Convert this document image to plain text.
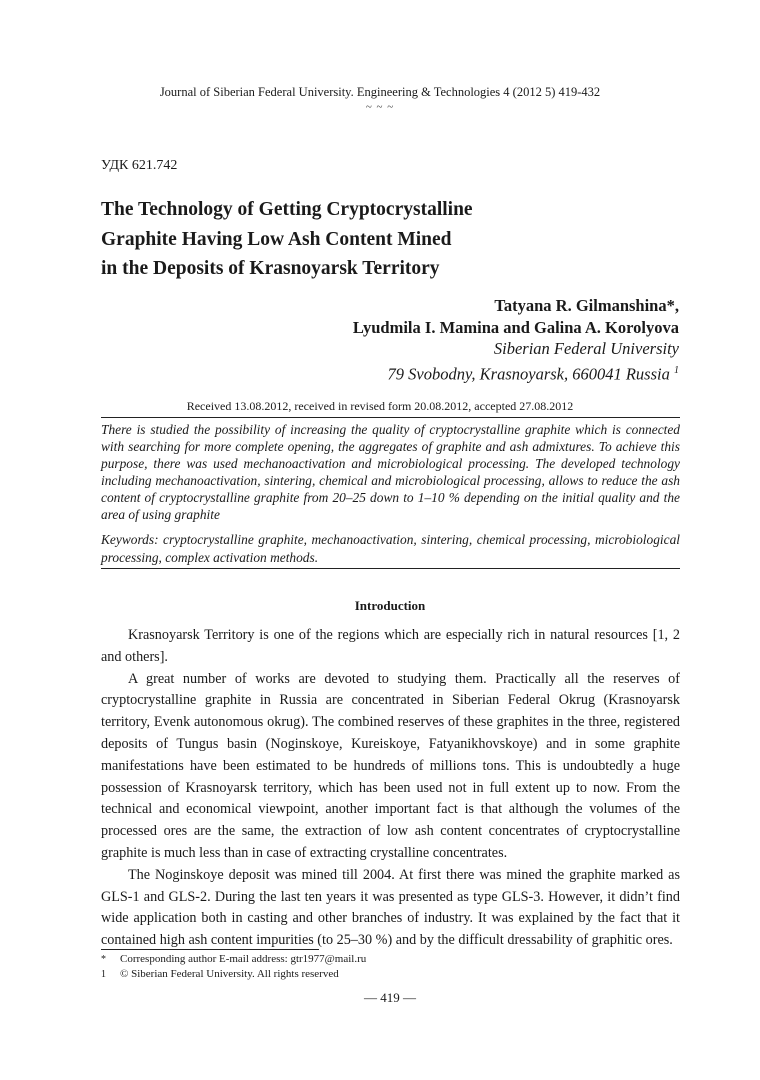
Journal of Siberian Federal University. Engineering & Technologies 4 (2012 5) 419-432
~ ~ ~
УДК 621.742
The Technology of Getting Cryptocrystalline
Graphite Having Low Ash Content Mined
in the Deposits of Krasnoyarsk Territory
Tatyana R. Gilmanshina*,
Lyudmila I. Mamina and Galina A. Korolyova
Siberian Federal University
79 Svobodny, Krasnoyarsk, 660041 Russia $^1$
Received 13.08.2012, received in revised form 20.08.2012, accepted 27.08.2012
There is studied the possibility of increasing the quality of cryptocrystalline graphite which is connected with searching for more complete opening, the aggregates of graphite and ash admixtures. To achieve this purpose, there was used mechanoactivation and microbiological processing. The developed technology including mechanoactivation, sintering, chemical and microbiological processing, allows to reduce the ash content of cryptocrystalline graphite from 20–25 down to 1–10 % depending on the initial quality and the area of using graphite
Keywords: cryptocrystalline graphite, mechanoactivation, sintering, chemical processing, microbiological processing, complex activation methods.
Introduction

Krasnoyarsk Territory is one of the regions which are especially rich in natural resources [1, 2 and others].

A great number of works are devoted to studying them. Practically all the reserves of cryptocrystalline graphite in Russia are concentrated in Siberian Federal Okrug (Krasnoyarsk territory, Evenk autonomous okrug). The combined reserves of these graphites in the three, registered deposits of Tungus basin (Noginskoye, Kureiskoye, Fatyanikhovskoye) and in some graphite manifestations have been estimated to be hundreds of millions tons. This is undoubtedly a huge possession of Krasnoyarsk territory, which has been used not in full extent up to now. From the technical and economical viewpoint, another important fact is that although the volumes of the processed ores are the same, the extraction of low ash content concentrates of cryptocrystalline graphite is much less than in case of extracting crystalline concentrates.

The Noginskoye deposit was mined till 2004. At first there was mined the graphite marked as GLS-1 and GLS-2. During the last ten years it was presented as type GLS-3. However, it didn’t find wide application both in casting and other branches of industry. It was explained by the fact that it contained high ash content impurities (to 25–30 %) and by the difficult dressability of graphitic ores.

*	Corresponding author E-mail address: gtr1977@mail.ru
1	© Siberian Federal University. All rights reserved
— 419 —
